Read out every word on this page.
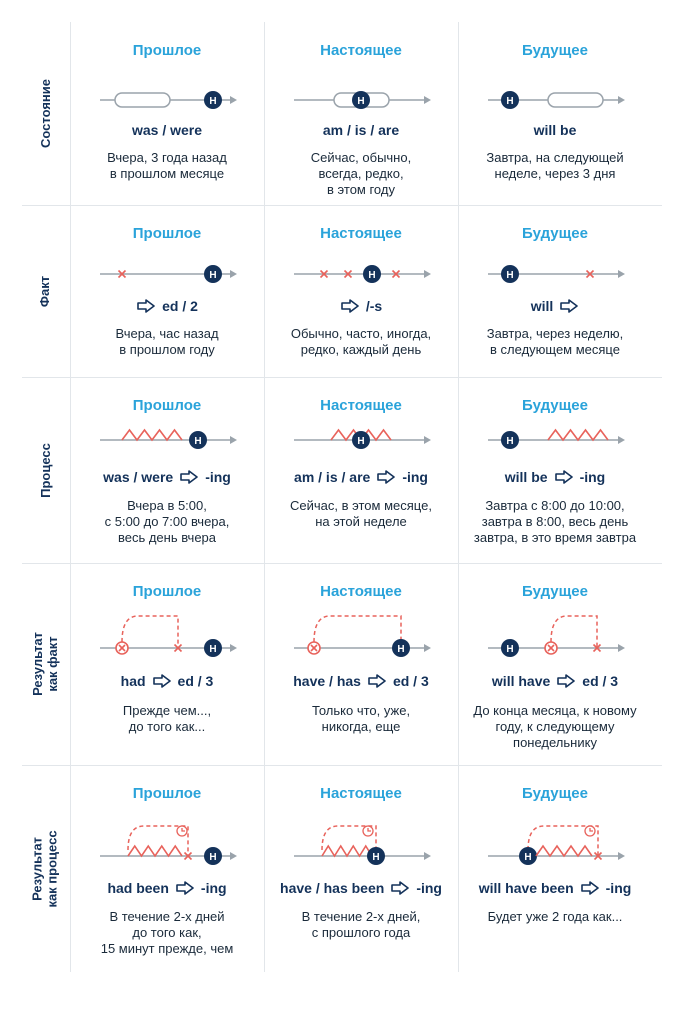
Состояние
Прошлое
Н
was / were
Вчера, 3 года назад
в прошлом месяце
Настоящее
Н
am / is / are
Сейчас, обычно,
всегда, редко,
в этом году
Будущее
Н
will be
Завтра, на следующей
неделе, через 3 дня
Факт
Прошлое
Н
ed / 2
Вчера, час назад
в прошлом году
Настоящее
Н
/-s
Обычно, часто, иногда,
редко, каждый день
Будущее
Н
will
Завтра, через неделю,
в следующем месяце
Процесс
Прошлое
Н
was / were -ing
Вчера в 5:00,
с 5:00 до 7:00 вчера,
весь день вчера
Настоящее
Н
am / is / are -ing
Сейчас, в этом месяце,
на этой неделе
Будущее
Н
will be -ing
Завтра с 8:00 до 10:00,
завтра в 8:00, весь день
завтра, в это время завтра
Результат
как факт
Прошлое
Н
had ed / 3
Прежде чем...,
до того как...
Настоящее
Н
have / has ed / 3
Только что, уже,
никогда, еще
Будущее
Н
will have ed / 3
До конца месяца, к новому
году, к следующему
понедельнику
Результат
как процесс
Прошлое
Н
had been -ing
В течение 2-х дней
до того как,
15 минут прежде, чем
Настоящее
Н
have / has been -ing
В течение 2-х дней,
с прошлого года
Будущее
Н
will have been -ing
Будет уже 2 года как...
